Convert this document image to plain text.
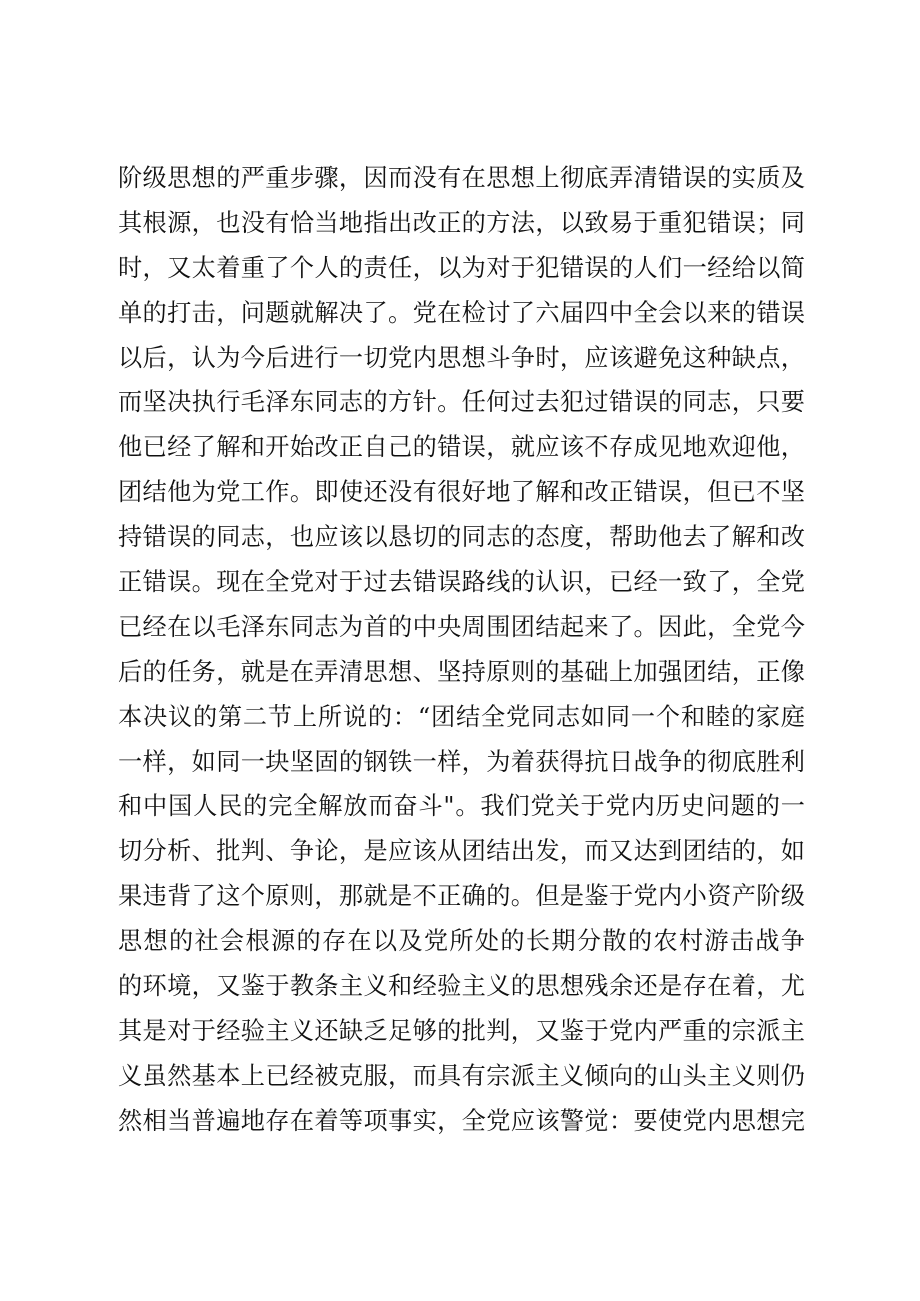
阶级思想的严重步骤，因而没有在思想上彻底弄清错误的实质及
其根源，也没有恰当地指出改正的方法，以致易于重犯错误；同
时，又太着重了个人的责任，以为对于犯错误的人们一经给以简
单的打击，问题就解决了。党在检讨了六届四中全会以来的错误
以后，认为今后进行一切党内思想斗争时，应该避免这种缺点，
而坚决执行毛泽东同志的方针。任何过去犯过错误的同志，只要
他已经了解和开始改正自己的错误，就应该不存成见地欢迎他，
团结他为党工作。即使还没有很好地了解和改正错误，但已不坚
持错误的同志，也应该以恳切的同志的态度，帮助他去了解和改
正错误。现在全党对于过去错误路线的认识，已经一致了，全党
已经在以毛泽东同志为首的中央周围团结起来了。因此，全党今
后的任务，就是在弄清思想、坚持原则的基础上加强团结，正像
本决议的第二节上所说的：“团结全党同志如同一个和睦的家庭
一样，如同一块坚固的钢铁一样，为着获得抗日战争的彻底胜利
和中国人民的完全解放而奋斗"。我们党关于党内历史问题的一
切分析、批判、争论，是应该从团结出发，而又达到团结的，如
果违背了这个原则，那就是不正确的。但是鉴于党内小资产阶级
思想的社会根源的存在以及党所处的长期分散的农村游击战争
的环境，又鉴于教条主义和经验主义的思想残余还是存在着，尤
其是对于经验主义还缺乏足够的批判，又鉴于党内严重的宗派主
义虽然基本上已经被克服，而具有宗派主义倾向的山头主义则仍
然相当普遍地存在着等项事实，全党应该警觉：要使党内思想完
